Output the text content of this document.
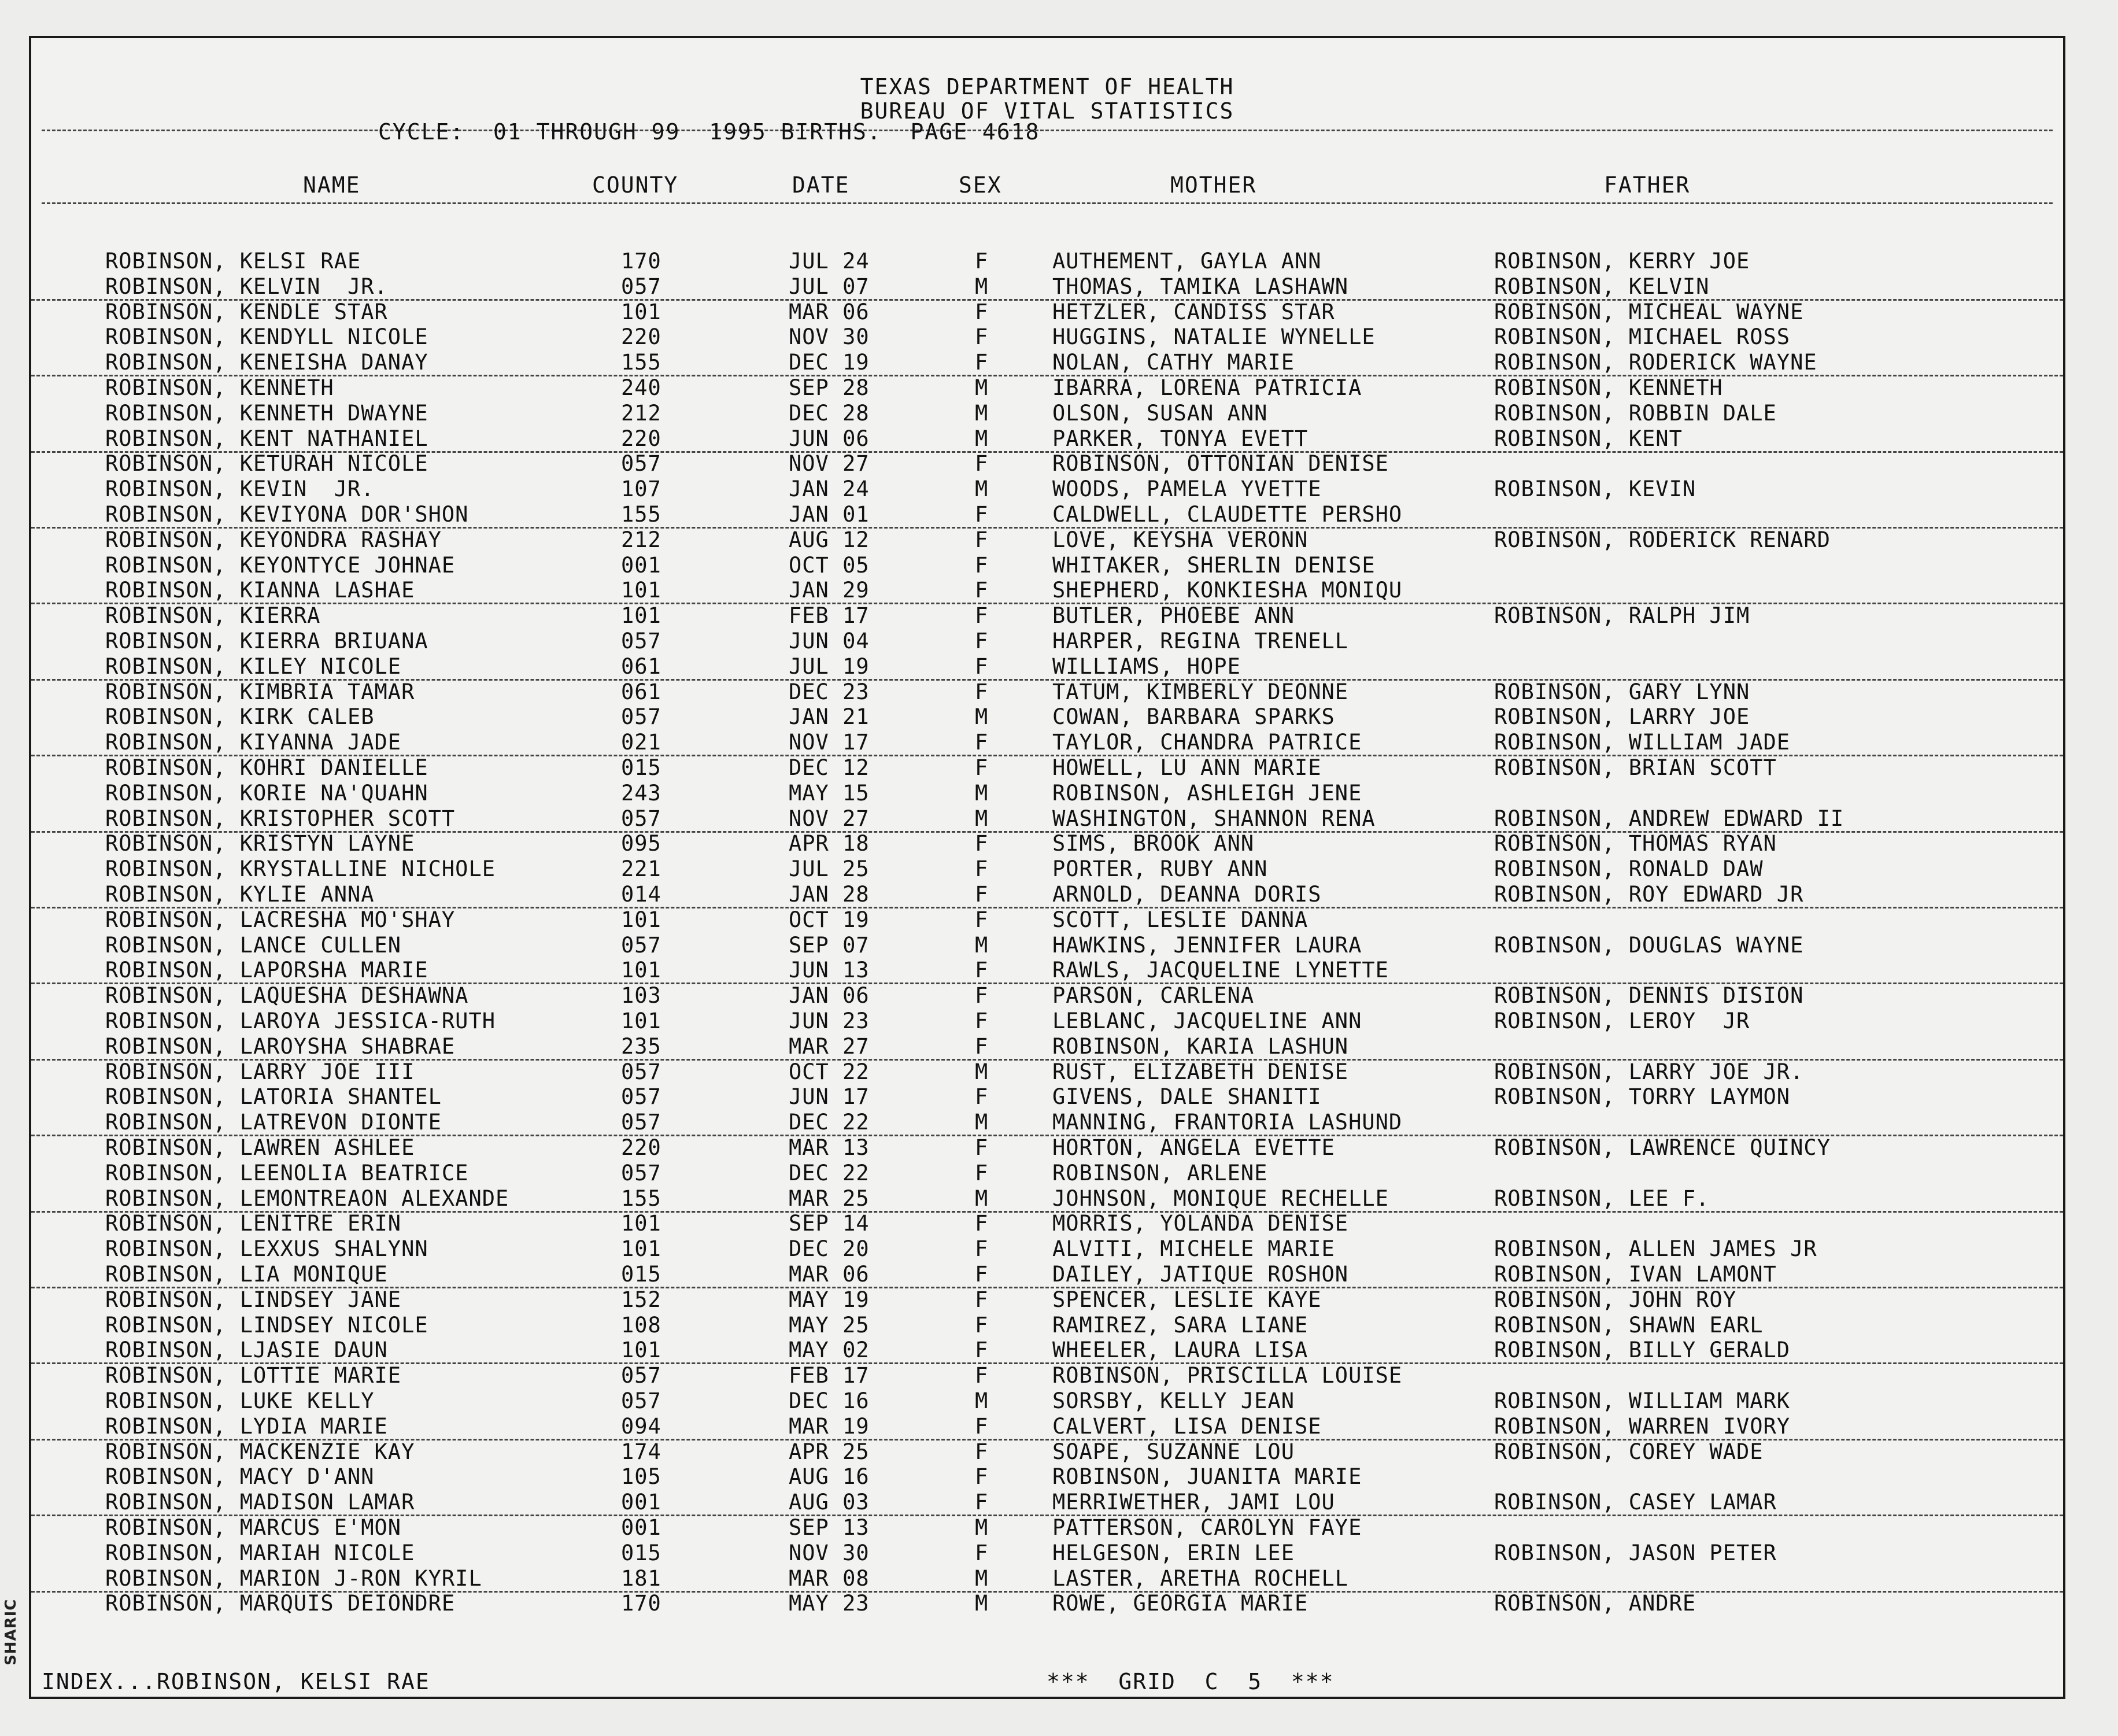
SHARIC
TEXAS DEPARTMENT OF HEALTH
BUREAU OF VITAL STATISTICS
CYCLE:  01 THROUGH 99  1995 BIRTHS.  PAGE 4618
NAME	COUNTY	DATE	SEX	MOTHER	FATHER
ROBINSON, KELSI RAE	170	JUL 24	F	AUTHEMENT, GAYLA ANN	ROBINSON, KERRY JOE
ROBINSON, KELVIN  JR.	057	JUL 07	M	THOMAS, TAMIKA LASHAWN	ROBINSON, KELVIN
ROBINSON, KENDLE STAR	101	MAR 06	F	HETZLER, CANDISS STAR	ROBINSON, MICHEAL WAYNE
ROBINSON, KENDYLL NICOLE	220	NOV 30	F	HUGGINS, NATALIE WYNELLE	ROBINSON, MICHAEL ROSS
ROBINSON, KENEISHA DANAY	155	DEC 19	F	NOLAN, CATHY MARIE	ROBINSON, RODERICK WAYNE
ROBINSON, KENNETH	240	SEP 28	M	IBARRA, LORENA PATRICIA	ROBINSON, KENNETH
ROBINSON, KENNETH DWAYNE	212	DEC 28	M	OLSON, SUSAN ANN	ROBINSON, ROBBIN DALE
ROBINSON, KENT NATHANIEL	220	JUN 06	M	PARKER, TONYA EVETT	ROBINSON, KENT
ROBINSON, KETURAH NICOLE	057	NOV 27	F	ROBINSON, OTTONIAN DENISE
ROBINSON, KEVIN  JR.	107	JAN 24	M	WOODS, PAMELA YVETTE	ROBINSON, KEVIN
ROBINSON, KEVIYONA DOR'SHON	155	JAN 01	F	CALDWELL, CLAUDETTE PERSHO
ROBINSON, KEYONDRA RASHAY	212	AUG 12	F	LOVE, KEYSHA VERONN	ROBINSON, RODERICK RENARD
ROBINSON, KEYONTYCE JOHNAE	001	OCT 05	F	WHITAKER, SHERLIN DENISE
ROBINSON, KIANNA LASHAE	101	JAN 29	F	SHEPHERD, KONKIESHA MONIQU
ROBINSON, KIERRA	101	FEB 17	F	BUTLER, PHOEBE ANN	ROBINSON, RALPH JIM
ROBINSON, KIERRA BRIUANA	057	JUN 04	F	HARPER, REGINA TRENELL
ROBINSON, KILEY NICOLE	061	JUL 19	F	WILLIAMS, HOPE
ROBINSON, KIMBRIA TAMAR	061	DEC 23	F	TATUM, KIMBERLY DEONNE	ROBINSON, GARY LYNN
ROBINSON, KIRK CALEB	057	JAN 21	M	COWAN, BARBARA SPARKS	ROBINSON, LARRY JOE
ROBINSON, KIYANNA JADE	021	NOV 17	F	TAYLOR, CHANDRA PATRICE	ROBINSON, WILLIAM JADE
ROBINSON, KOHRI DANIELLE	015	DEC 12	F	HOWELL, LU ANN MARIE	ROBINSON, BRIAN SCOTT
ROBINSON, KORIE NA'QUAHN	243	MAY 15	M	ROBINSON, ASHLEIGH JENE
ROBINSON, KRISTOPHER SCOTT	057	NOV 27	M	WASHINGTON, SHANNON RENA	ROBINSON, ANDREW EDWARD II
ROBINSON, KRISTYN LAYNE	095	APR 18	F	SIMS, BROOK ANN	ROBINSON, THOMAS RYAN
ROBINSON, KRYSTALLINE NICHOLE	221	JUL 25	F	PORTER, RUBY ANN	ROBINSON, RONALD DAW
ROBINSON, KYLIE ANNA	014	JAN 28	F	ARNOLD, DEANNA DORIS	ROBINSON, ROY EDWARD JR
ROBINSON, LACRESHA MO'SHAY	101	OCT 19	F	SCOTT, LESLIE DANNA
ROBINSON, LANCE CULLEN	057	SEP 07	M	HAWKINS, JENNIFER LAURA	ROBINSON, DOUGLAS WAYNE
ROBINSON, LAPORSHA MARIE	101	JUN 13	F	RAWLS, JACQUELINE LYNETTE
ROBINSON, LAQUESHA DESHAWNA	103	JAN 06	F	PARSON, CARLENA	ROBINSON, DENNIS DISION
ROBINSON, LAROYA JESSICA-RUTH	101	JUN 23	F	LEBLANC, JACQUELINE ANN	ROBINSON, LEROY  JR
ROBINSON, LAROYSHA SHABRAE	235	MAR 27	F	ROBINSON, KARIA LASHUN
ROBINSON, LARRY JOE III	057	OCT 22	M	RUST, ELIZABETH DENISE	ROBINSON, LARRY JOE JR.
ROBINSON, LATORIA SHANTEL	057	JUN 17	F	GIVENS, DALE SHANITI	ROBINSON, TORRY LAYMON
ROBINSON, LATREVON DIONTE	057	DEC 22	M	MANNING, FRANTORIA LASHUND
ROBINSON, LAWREN ASHLEE	220	MAR 13	F	HORTON, ANGELA EVETTE	ROBINSON, LAWRENCE QUINCY
ROBINSON, LEENOLIA BEATRICE	057	DEC 22	F	ROBINSON, ARLENE
ROBINSON, LEMONTREAON ALEXANDE	155	MAR 25	M	JOHNSON, MONIQUE RECHELLE	ROBINSON, LEE F.
ROBINSON, LENITRE ERIN	101	SEP 14	F	MORRIS, YOLANDA DENISE
ROBINSON, LEXXUS SHALYNN	101	DEC 20	F	ALVITI, MICHELE MARIE	ROBINSON, ALLEN JAMES JR
ROBINSON, LIA MONIQUE	015	MAR 06	F	DAILEY, JATIQUE ROSHON	ROBINSON, IVAN LAMONT
ROBINSON, LINDSEY JANE	152	MAY 19	F	SPENCER, LESLIE KAYE	ROBINSON, JOHN ROY
ROBINSON, LINDSEY NICOLE	108	MAY 25	F	RAMIREZ, SARA LIANE	ROBINSON, SHAWN EARL
ROBINSON, LJASIE DAUN	101	MAY 02	F	WHEELER, LAURA LISA	ROBINSON, BILLY GERALD
ROBINSON, LOTTIE MARIE	057	FEB 17	F	ROBINSON, PRISCILLA LOUISE
ROBINSON, LUKE KELLY	057	DEC 16	M	SORSBY, KELLY JEAN	ROBINSON, WILLIAM MARK
ROBINSON, LYDIA MARIE	094	MAR 19	F	CALVERT, LISA DENISE	ROBINSON, WARREN IVORY
ROBINSON, MACKENZIE KAY	174	APR 25	F	SOAPE, SUZANNE LOU	ROBINSON, COREY WADE
ROBINSON, MACY D'ANN	105	AUG 16	F	ROBINSON, JUANITA MARIE
ROBINSON, MADISON LAMAR	001	AUG 03	F	MERRIWETHER, JAMI LOU	ROBINSON, CASEY LAMAR
ROBINSON, MARCUS E'MON	001	SEP 13	M	PATTERSON, CAROLYN FAYE
ROBINSON, MARIAH NICOLE	015	NOV 30	F	HELGESON, ERIN LEE	ROBINSON, JASON PETER
ROBINSON, MARION J-RON KYRIL	181	MAR 08	M	LASTER, ARETHA ROCHELL
ROBINSON, MARQUIS DEIONDRE	170	MAY 23	M	ROWE, GEORGIA MARIE	ROBINSON, ANDRE
INDEX...ROBINSON, KELSI RAE	***  GRID  C  5  ***
